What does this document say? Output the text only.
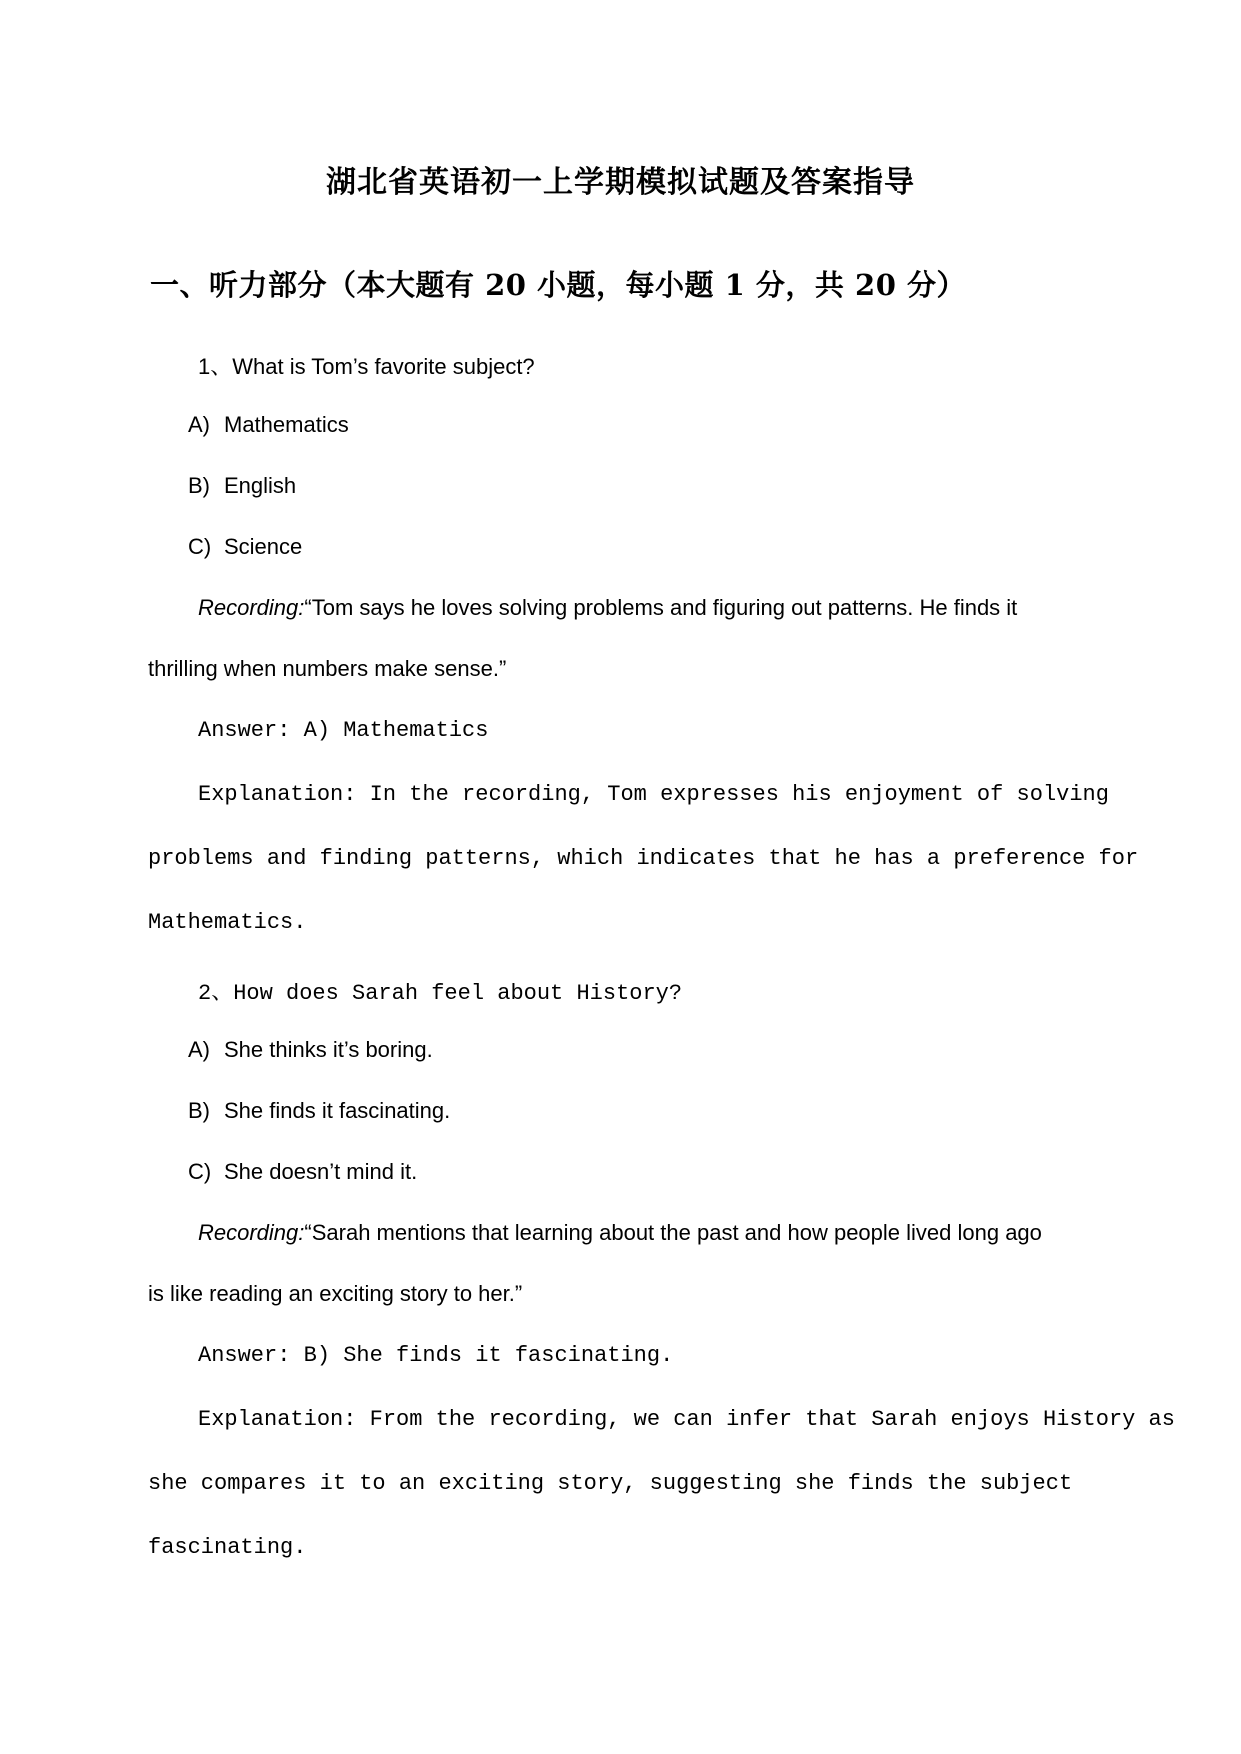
湖北省英语初一上学期模拟试题及答案指导
一、听力部分（本大题有 20 小题，每小题 1 分，共 20 分）
1、What is Tom’s favorite subject?
A) Mathematics
B) English
C) Science
Recording:“Tom says he loves solving problems and figuring out patterns. He finds it
thrilling when numbers make sense.”
Answer: A) Mathematics
Explanation: In the recording, Tom expresses his enjoyment of solving
problems and finding patterns, which indicates that he has a preference for
Mathematics.
2、How does Sarah feel about History?
A) She thinks it’s boring.
B) She finds it fascinating.
C) She doesn’t mind it.
Recording:“Sarah mentions that learning about the past and how people lived long ago
is like reading an exciting story to her.”
Answer: B) She finds it fascinating.
Explanation: From the recording, we can infer that Sarah enjoys History as
she compares it to an exciting story, suggesting she finds the subject
fascinating.
